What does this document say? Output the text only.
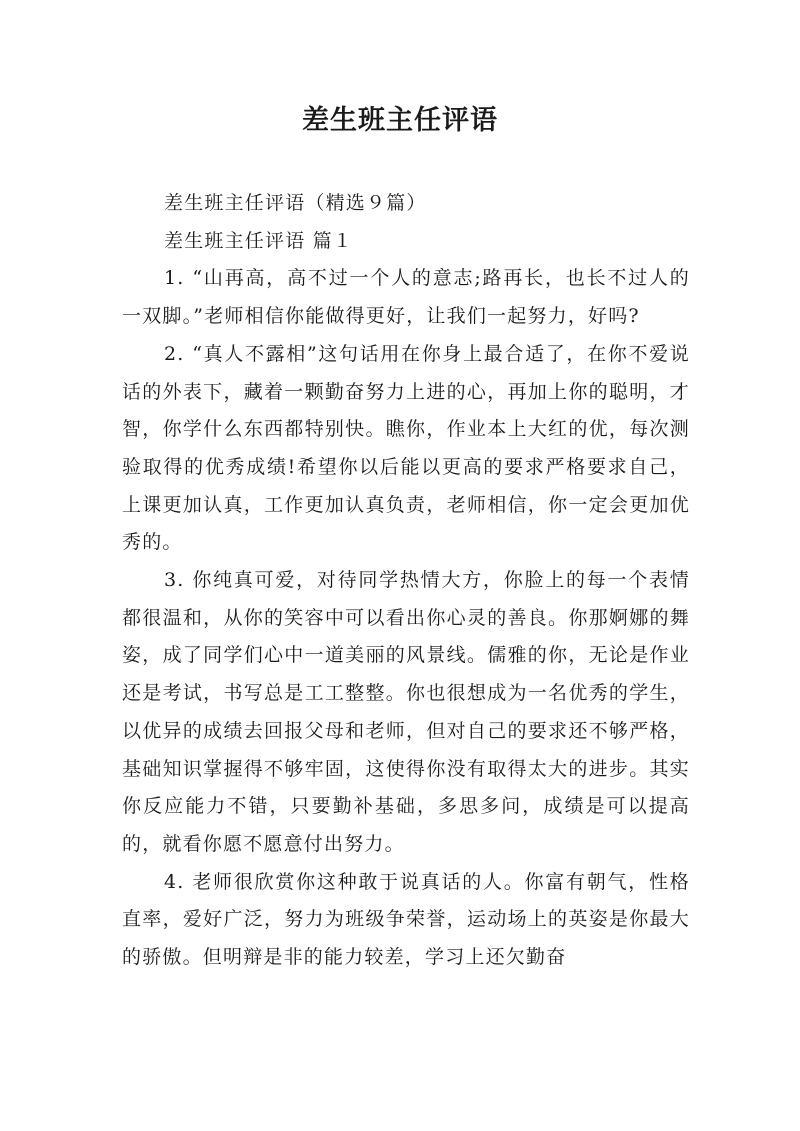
差生班主任评语

差生班主任评语（精选９篇）

差生班主任评语 篇１

1. “山再高，高不过一个人的意志;路再长，也长不过人的一双脚。”老师相信你能做得更好，让我们一起努力，好吗?

2. “真人不露相”这句话用在你身上最合适了，在你不爱说话的外表下，藏着一颗勤奋努力上进的心，再加上你的聪明，才智，你学什么东西都特别快。瞧你，作业本上大红的优，每次测验取得的优秀成绩!希望你以后能以更高的要求严格要求自己，上课更加认真，工作更加认真负责，老师相信，你一定会更加优秀的。

3. 你纯真可爱，对待同学热情大方，你脸上的每一个表情都很温和，从你的笑容中可以看出你心灵的善良。你那婀娜的舞姿，成了同学们心中一道美丽的风景线。儒雅的你，无论是作业还是考试，书写总是工工整整。你也很想成为一名优秀的学生，以优异的成绩去回报父母和老师，但对自己的要求还不够严格，基础知识掌握得不够牢固，这使得你没有取得太大的进步。其实你反应能力不错，只要勤补基础，多思多问，成绩是可以提高的，就看你愿不愿意付出努力。

4. 老师很欣赏你这种敢于说真话的人。你富有朝气，性格直率，爱好广泛，努力为班级争荣誉，运动场上的英姿是你最大的骄傲。但明辩是非的能力较差，学习上还欠勤奋
